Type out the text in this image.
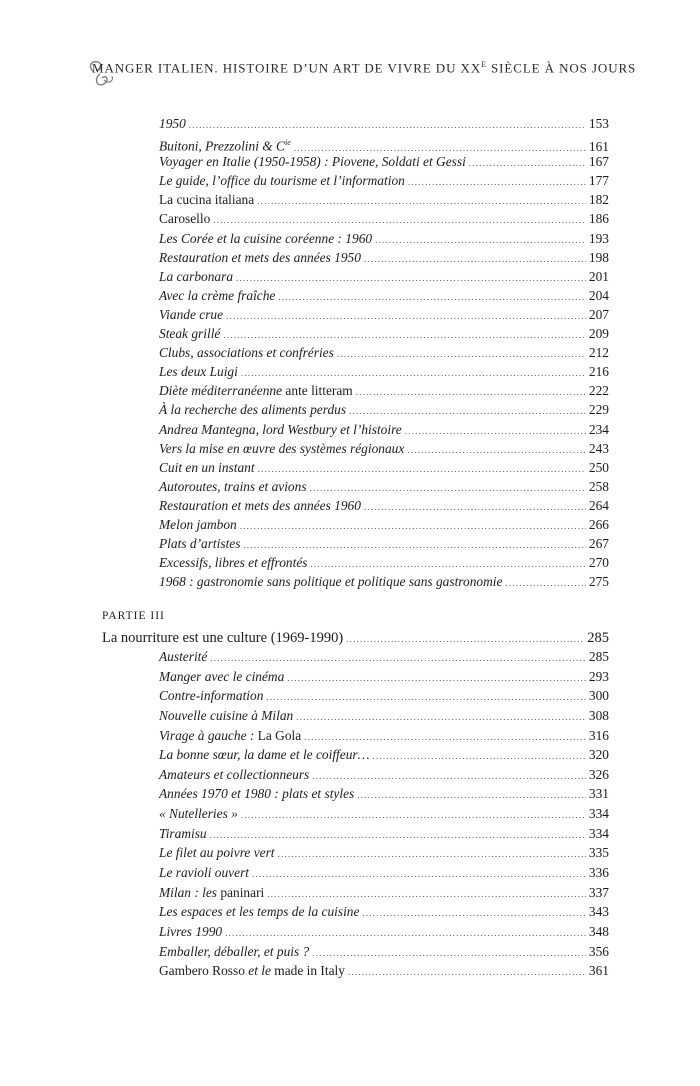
MANGER ITALIEN. HISTOIRE D’UN ART DE VIVRE DU $XX^E$ SIÈCLE À NOS JOURS
1950 .....	153
Buitoni, Prezzolini & $C^{ie}$ .....	161
Voyager en Italie (1950-1958) : Piovene, Soldati et Gessi .....	167
Le guide, l’office du tourisme et l’information .....	177
La cucina italiana .....	182
Carosello .....	186
Les Corée et la cuisine coréenne : 1960 .....	193
Restauration et mets des années 1950 .....	198
La carbonara .....	201
Avec la crème fraîche .....	204
Viande crue .....	207
Steak grillé .....	209
Clubs, associations et confréries .....	212
Les deux Luigi .....	216
Diète méditerranéenne ante litteram .....	222
À la recherche des aliments perdus .....	229
Andrea Mantegna, lord Westbury et l’histoire .....	234
Vers la mise en œuvre des systèmes régionaux .....	243
Cuit en un instant .....	250
Autoroutes, trains et avions .....	258
Restauration et mets des années 1960 .....	264
Melon jambon .....	266
Plats d’artistes .....	267
Excessifs, libres et effrontés .....	270
1968 : gastronomie sans politique et politique sans gastronomie .....	275
PARTIE III
La nourriture est une culture (1969-1990) .....	285
Austerité .....	285
Manger avec le cinéma .....	293
Contre-information .....	300
Nouvelle cuisine à Milan .....	308
Virage à gauche : La Gola .....	316
La bonne sœur, la dame et le coiffeur… .....	320
Amateurs et collectionneurs .....	326
Années 1970 et 1980 : plats et styles .....	331
« Nutelleries » .....	334
Tiramisu .....	334
Le filet au poivre vert .....	335
Le ravioli ouvert .....	336
Milan : les paninari .....	337
Les espaces et les temps de la cuisine .....	343
Livres 1990 .....	348
Emballer, déballer, et puis ? .....	356
Gambero Rosso et le made in Italy .....	361
